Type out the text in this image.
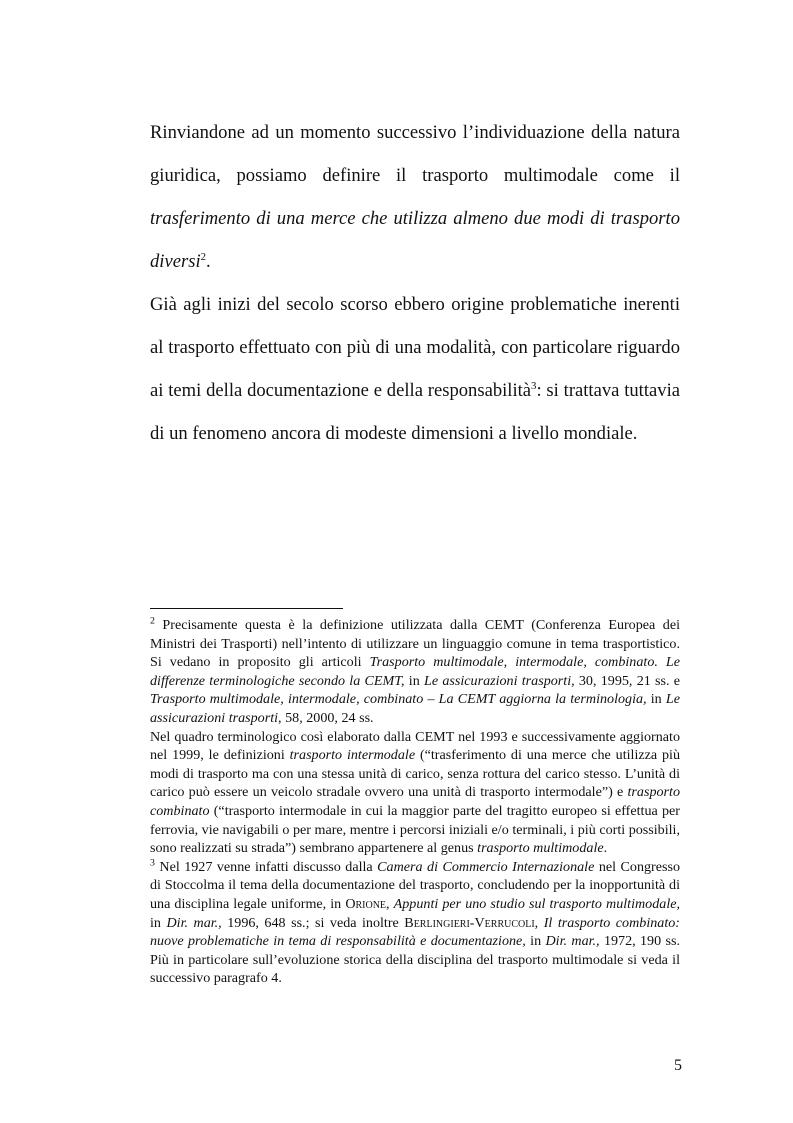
Rinviandone ad un momento successivo l’individuazione della natura giuridica, possiamo definire il trasporto multimodale come il trasferimento di una merce che utilizza almeno due modi di trasporto diversi$^2$.

Già agli inizi del secolo scorso ebbero origine problematiche inerenti al trasporto effettuato con più di una modalità, con particolare riguardo ai temi della documentazione e della responsabilità$^3$: si trattava tuttavia di un fenomeno ancora di modeste dimensioni a livello mondiale.

$^2$ Precisamente questa è la definizione utilizzata dalla CEMT (Conferenza Europea dei Ministri dei Trasporti) nell’intento di utilizzare un linguaggio comune in tema trasportistico. Si vedano in proposito gli articoli Trasporto multimodale, intermodale, combinato. Le differenze terminologiche secondo la CEMT, in Le assicurazioni trasporti, 30, 1995, 21 ss. e Trasporto multimodale, intermodale, combinato – La CEMT aggiorna la terminologia, in Le assicurazioni trasporti, 58, 2000, 24 ss.

Nel quadro terminologico così elaborato dalla CEMT nel 1993 e successivamente aggiornato nel 1999, le definizioni trasporto intermodale (“trasferimento di una merce che utilizza più modi di trasporto ma con una stessa unità di carico, senza rottura del carico stesso. L’unità di carico può essere un veicolo stradale ovvero una unità di trasporto intermodale”) e trasporto combinato (“trasporto intermodale in cui la maggior parte del tragitto europeo si effettua per ferrovia, vie navigabili o per mare, mentre i percorsi iniziali e/o terminali, i più corti possibili, sono realizzati su strada”) sembrano appartenere al genus trasporto multimodale.

$^3$ Nel 1927 venne infatti discusso dalla Camera di Commercio Internazionale nel Congresso di Stoccolma il tema della documentazione del trasporto, concludendo per la inopportunità di una disciplina legale uniforme, in Orione, Appunti per uno studio sul trasporto multimodale, in Dir. mar., 1996, 648 ss.; si veda inoltre Berlingieri-Verrucoli, Il trasporto combinato: nuove problematiche in tema di responsabilità e documentazione, in Dir. mar., 1972, 190 ss. Più in particolare sull’evoluzione storica della disciplina del trasporto multimodale si veda il successivo paragrafo 4.

5
